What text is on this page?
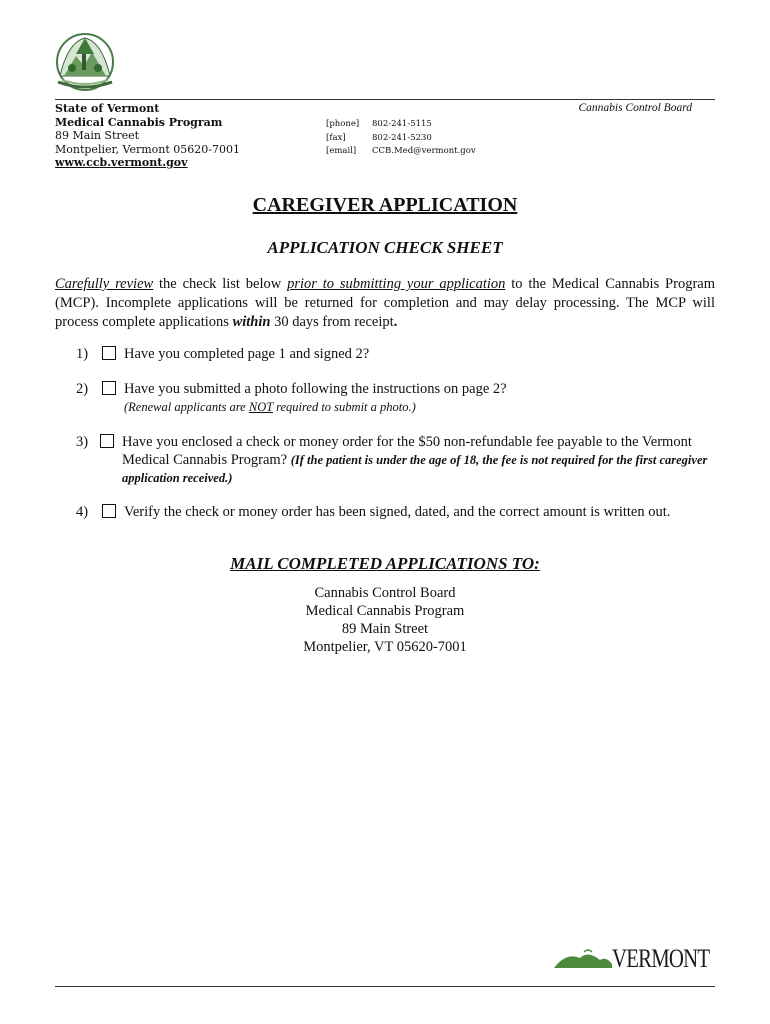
State of Vermont
Medical Cannabis Program
89 Main Street
Montpelier, Vermont 05620-7001
www.ccb.vermont.gov
[phone]	802-241-5115
[fax]	802-241-5230
[email]	CCB.Med@vermont.gov
Cannabis Control Board
CAREGIVER APPLICATION
APPLICATION CHECK SHEET
Carefully review the check list below prior to submitting your application to the Medical Cannabis Program (MCP). Incomplete applications will be returned for completion and may delay processing. The MCP will process complete applications within 30 days from receipt.
1) Have you completed page 1 and signed 2?
2) Have you submitted a photo following the instructions on page 2?
(Renewal applicants are NOT required to submit a photo.)
3) Have you enclosed a check or money order for the $50 non-refundable fee payable to the Vermont Medical Cannabis Program? (If the patient is under the age of 18, the fee is not required for the first caregiver application received.)
4) Verify the check or money order has been signed, dated, and the correct amount is written out.
MAIL COMPLETED APPLICATIONS TO:
Cannabis Control Board
Medical Cannabis Program
89 Main Street
Montpelier, VT 05620-7001
VERMONT
